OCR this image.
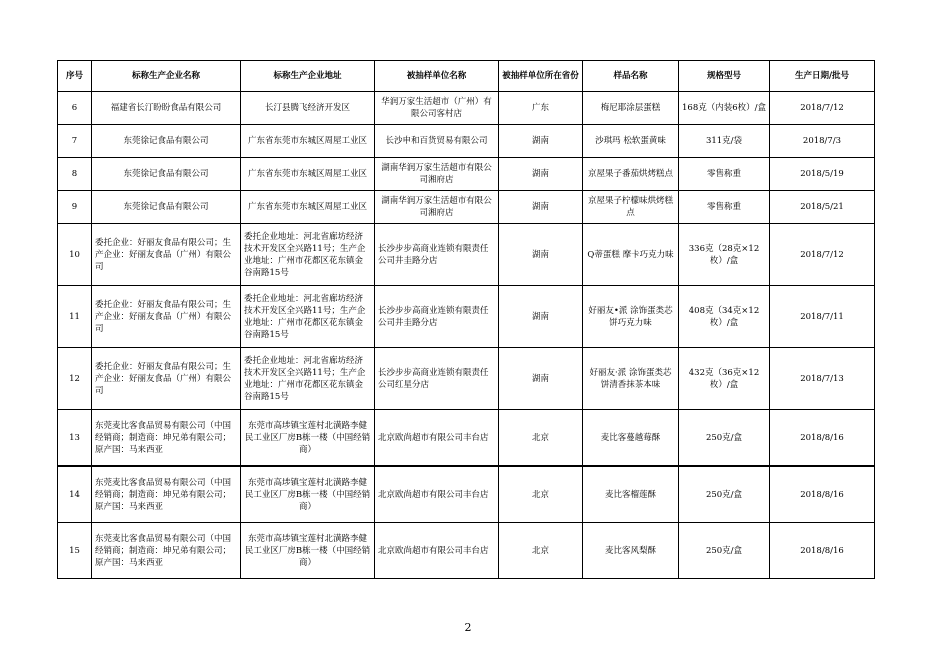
序号	标称生产企业名称	标称生产企业地址	被抽样单位名称	被抽样单位所在省份	样品名称	规格型号	生产日期/批号
6	福建省长汀盼盼食品有限公司	长汀县腾飞经济开发区	华润万家生活超市（广州）有限公司客村店	广东	梅尼耶涂层蛋糕	168克（内装6枚）/盒	2018/7/12
7	东莞徐记食品有限公司	广东省东莞市东城区周屋工业区	长沙申和百货贸易有限公司	湖南	沙琪玛 松软蛋黄味	311克/袋	2018/7/3
8	东莞徐记食品有限公司	广东省东莞市东城区周屋工业区	湖南华润万家生活超市有限公司湘府店	湖南	京屋果子番茄烘烤糕点	零售称重	2018/5/19
9	东莞徐记食品有限公司	广东省东莞市东城区周屋工业区	湖南华润万家生活超市有限公司湘府店	湖南	京屋果子柠檬味烘烤糕点	零售称重	2018/5/21
10	委托企业：好丽友食品有限公司；生产企业：好丽友食品（广州）有限公司	委托企业地址：河北省廊坊经济技术开发区全兴路11号；生产企业地址：广州市花都区花东镇金谷南路15号	长沙步步高商业连锁有限责任公司井圭路分店	湖南	Q蒂蛋糕 摩卡巧克力味	336克（28克×12枚）/盒	2018/7/12
11	委托企业：好丽友食品有限公司；生产企业：好丽友食品（广州）有限公司	委托企业地址：河北省廊坊经济技术开发区全兴路11号；生产企业地址：广州市花都区花东镇金谷南路15号	长沙步步高商业连锁有限责任公司井圭路分店	湖南	好丽友•派 涂饰蛋类芯饼巧克力味	408克（34克×12枚）/盒	2018/7/11
12	委托企业：好丽友食品有限公司；生产企业：好丽友食品（广州）有限公司	委托企业地址：河北省廊坊经济技术开发区全兴路11号；生产企业地址：广州市花都区花东镇金谷南路15号	长沙步步高商业连锁有限责任公司红星分店	湖南	好丽友·派 涂饰蛋类芯饼清香抹茶本味	432克（36克×12枚）/盒	2018/7/13
13	东莞麦比客食品贸易有限公司（中国经销商；制造商：坤兄弟有限公司；原产国：马来西亚	东莞市高埗镇宝莲村北潢路李健民工业区厂房B栋一楼（中国经销商）	北京欧尚超市有限公司丰台店	北京	麦比客蔓越莓酥	250克/盒	2018/8/16
14	东莞麦比客食品贸易有限公司（中国经销商；制造商：坤兄弟有限公司；原产国：马来西亚	东莞市高埗镇宝莲村北潢路李健民工业区厂房B栋一楼（中国经销商）	北京欧尚超市有限公司丰台店	北京	麦比客榴莲酥	250克/盒	2018/8/16
15	东莞麦比客食品贸易有限公司（中国经销商；制造商：坤兄弟有限公司；原产国：马来西亚	东莞市高埗镇宝莲村北潢路李健民工业区厂房B栋一楼（中国经销商）	北京欧尚超市有限公司丰台店	北京	麦比客风梨酥	250克/盒	2018/8/16
2
